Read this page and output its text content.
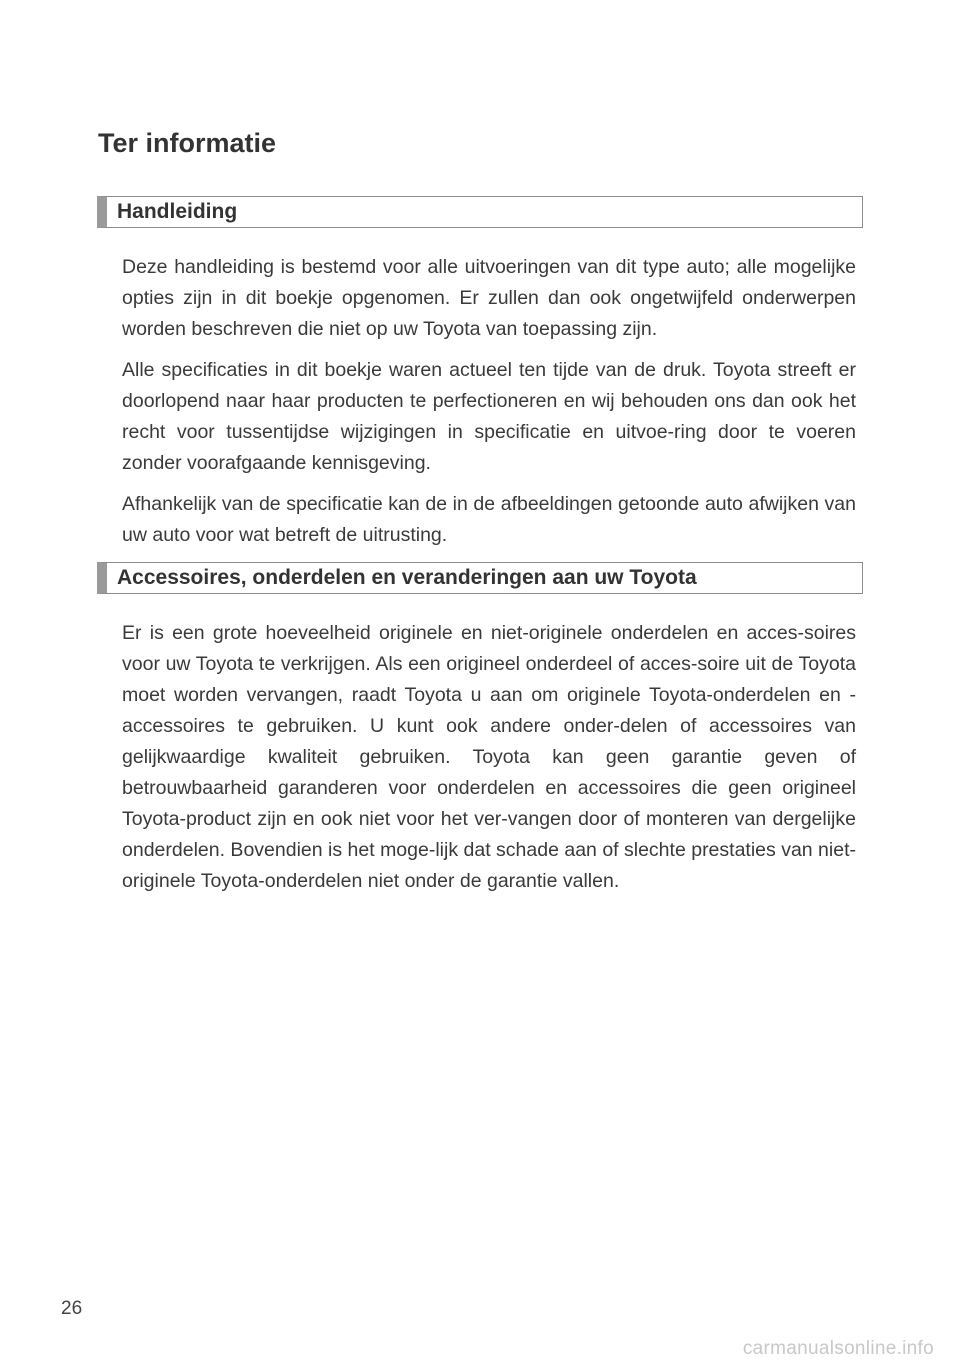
Ter informatie
Handleiding

Deze handleiding is bestemd voor alle uitvoeringen van dit type auto; alle mogelijke opties zijn in dit boekje opgenomen. Er zullen dan ook ongetwijfeld onderwerpen worden beschreven die niet op uw Toyota van toepassing zijn.

Alle specificaties in dit boekje waren actueel ten tijde van de druk. Toyota streeft er doorlopend naar haar producten te perfectioneren en wij behouden ons dan ook het recht voor tussentijdse wijzigingen in specificatie en uitvoe-ring door te voeren zonder voorafgaande kennisgeving.

Afhankelijk van de specificatie kan de in de afbeeldingen getoonde auto afwijken van uw auto voor wat betreft de uitrusting.

Accessoires, onderdelen en veranderingen aan uw Toyota

Er is een grote hoeveelheid originele en niet-originele onderdelen en acces-soires voor uw Toyota te verkrijgen. Als een origineel onderdeel of acces-soire uit de Toyota moet worden vervangen, raadt Toyota u aan om originele Toyota-onderdelen en -accessoires te gebruiken. U kunt ook andere onder-delen of accessoires van gelijkwaardige kwaliteit gebruiken. Toyota kan geen garantie geven of betrouwbaarheid garanderen voor onderdelen en accessoires die geen origineel Toyota-product zijn en ook niet voor het ver-vangen door of monteren van dergelijke onderdelen. Bovendien is het moge-lijk dat schade aan of slechte prestaties van niet-originele Toyota-onderdelen niet onder de garantie vallen.

26
carmanualsonline.info
